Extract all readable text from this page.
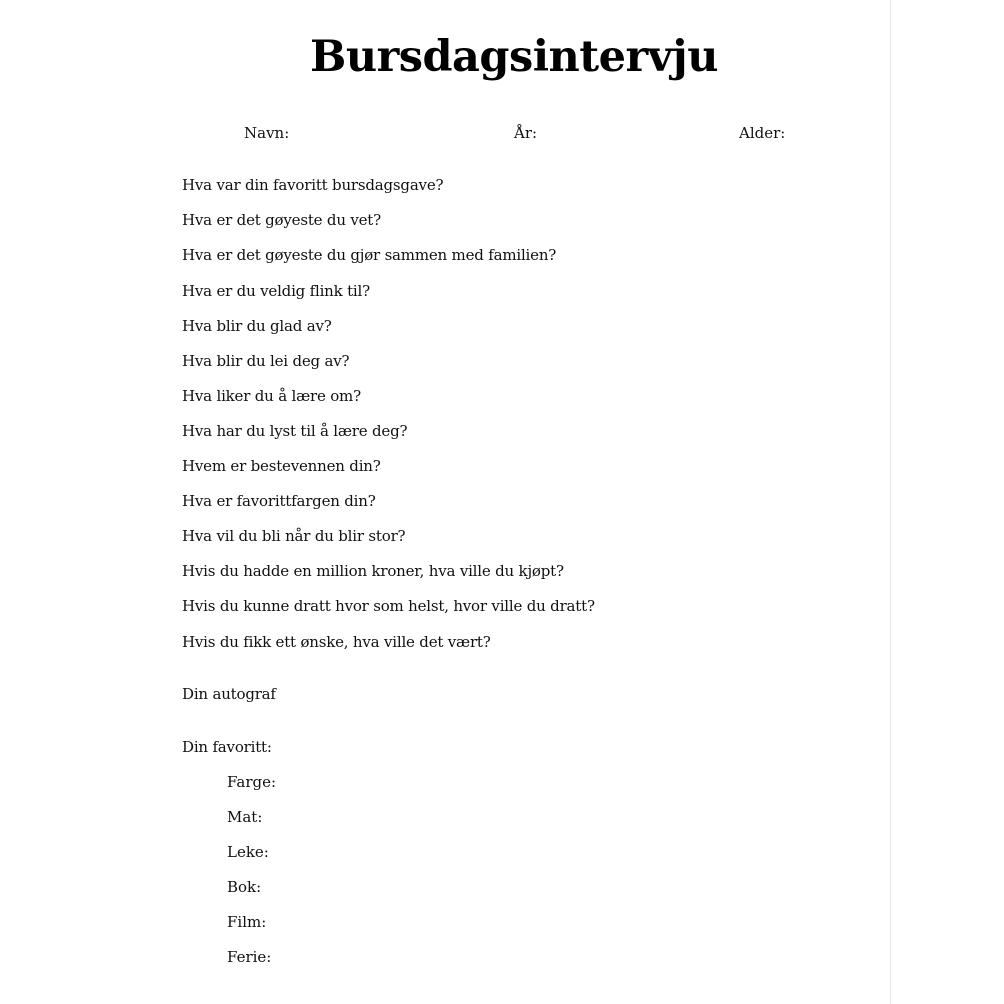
Bursdagsintervju
Navn:	År:	Alder:
Hva var din favoritt bursdagsgave?
Hva er det gøyeste du vet?
Hva er det gøyeste du gjør sammen med familien?
Hva er du veldig flink til?
Hva blir du glad av?
Hva blir du lei deg av?
Hva liker du å lære om?
Hva har du lyst til å lære deg?
Hvem er bestevennen din?
Hva er favorittfargen din?
Hva vil du bli når du blir stor?
Hvis du hadde en million kroner, hva ville du kjøpt?
Hvis du kunne dratt hvor som helst, hvor ville du dratt?
Hvis du fikk ett ønske, hva ville det vært?
Din autograf
Din favoritt:
Farge:
Mat:
Leke:
Bok:
Film:
Ferie:
